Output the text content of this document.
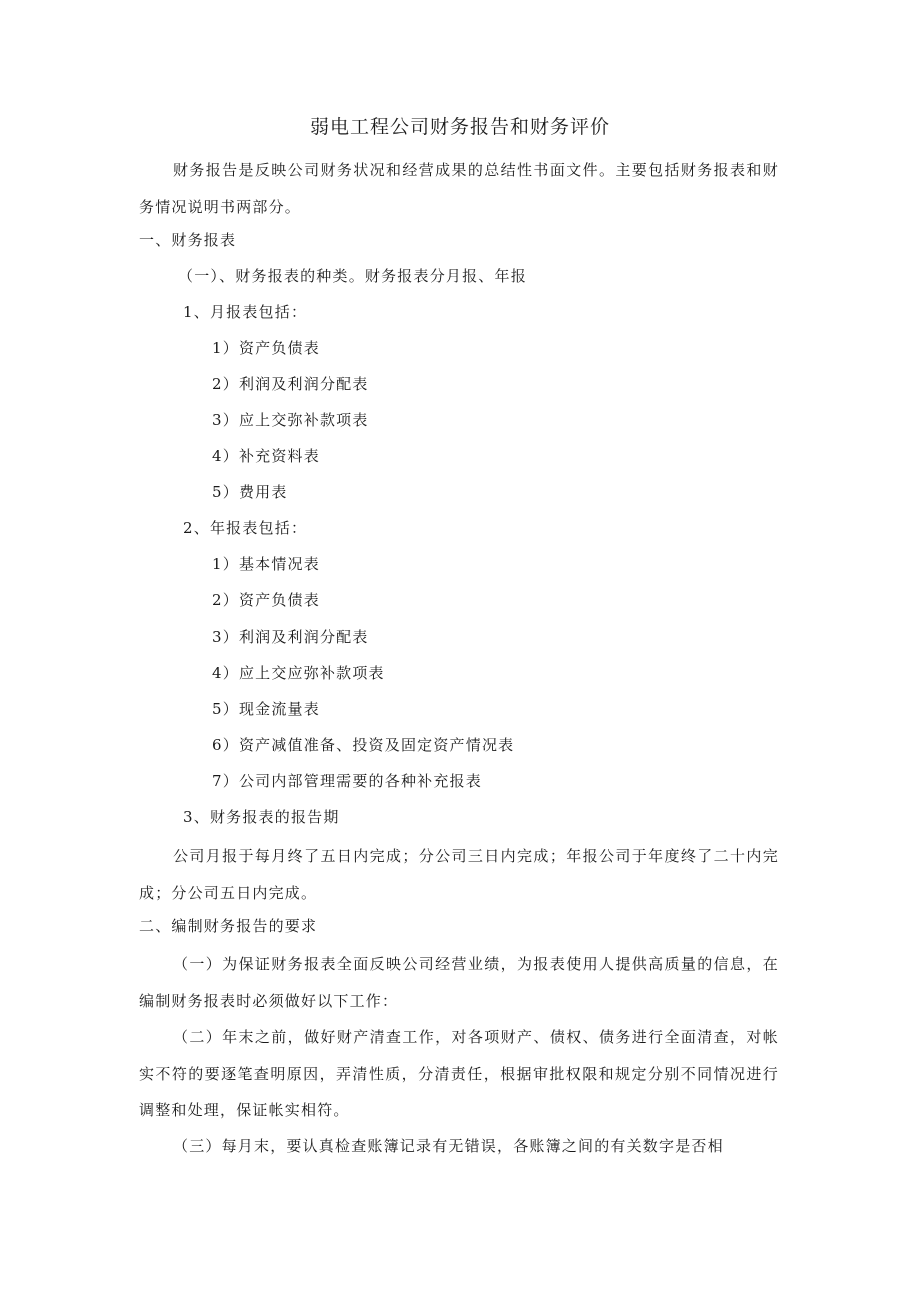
弱电工程公司财务报告和财务评价
财务报告是反映公司财务状况和经营成果的总结性书面文件。主要包括财务报表和财务情况说明书两部分。
一、财务报表
（一）、财务报表的种类。财务报表分月报、年报
1、月报表包括：
1）资产负债表
2）利润及利润分配表
3）应上交弥补款项表
4）补充资料表
5）费用表
2、年报表包括：
1）基本情况表
2）资产负债表
3）利润及利润分配表
4）应上交应弥补款项表
5）现金流量表
6）资产减值准备、投资及固定资产情况表
7）公司内部管理需要的各种补充报表
3、财务报表的报告期
公司月报于每月终了五日内完成；分公司三日内完成；年报公司于年度终了二十内完成；分公司五日内完成。
二、编制财务报告的要求
（一）为保证财务报表全面反映公司经营业绩，为报表使用人提供高质量的信息，在编制财务报表时必须做好以下工作：
（二）年末之前，做好财产清查工作，对各项财产、债权、债务进行全面清查，对帐实不符的要逐笔查明原因，弄清性质，分清责任，根据审批权限和规定分别不同情况进行调整和处理，保证帐实相符。
（三）每月末，要认真检查账簿记录有无错误，各账簿之间的有关数字是否相
